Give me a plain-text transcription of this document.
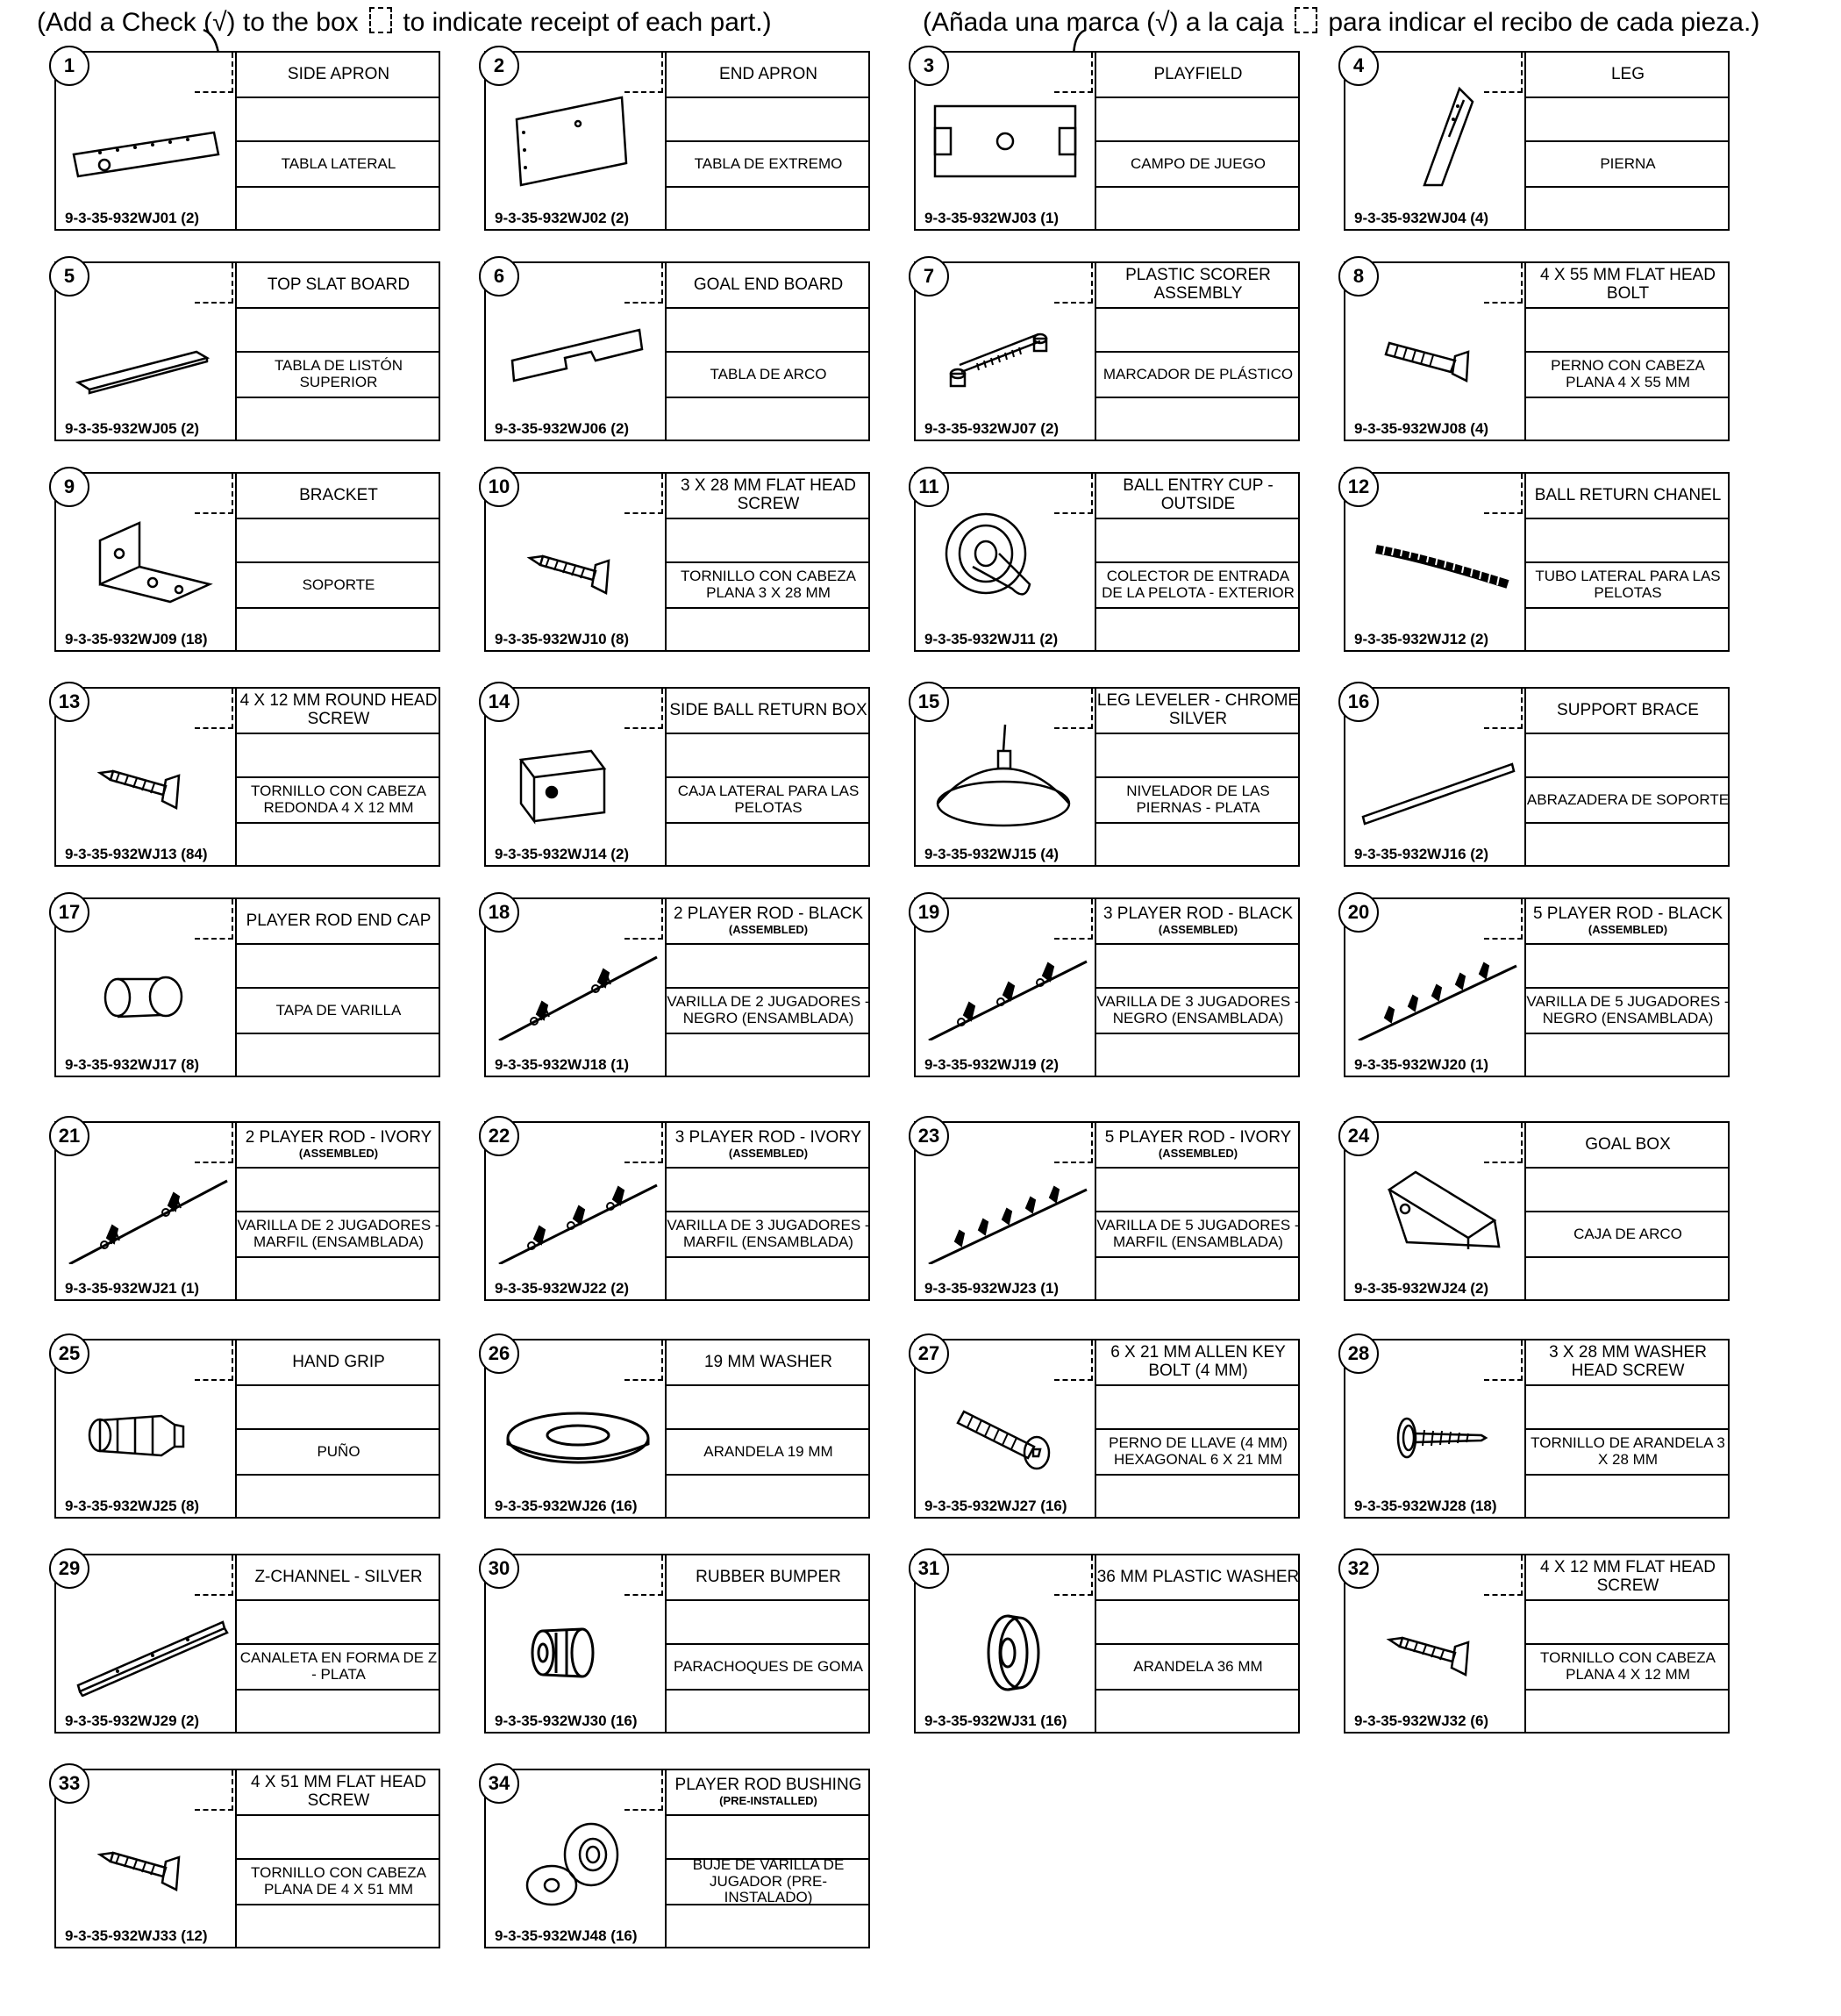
(Add a Check (√) to the box to indicate receipt of each part.)	(Añada una marca (√) a la caja para indicar el recibo de cada pieza.)
1
9-3-35-932WJ01 (2)
SIDE APRON
TABLA LATERAL
2
9-3-35-932WJ02 (2)
END APRON
TABLA DE EXTREMO
3
9-3-35-932WJ03 (1)
PLAYFIELD
CAMPO DE JUEGO
4
9-3-35-932WJ04 (4)
LEG
PIERNA
5
9-3-35-932WJ05 (2)
TOP SLAT BOARD
TABLA DE LISTÓN SUPERIOR
6
9-3-35-932WJ06 (2)
GOAL END BOARD
TABLA DE ARCO
7
9-3-35-932WJ07 (2)
PLASTIC SCORER ASSEMBLY
MARCADOR DE PLÁSTICO
8
9-3-35-932WJ08 (4)
4 X 55 MM FLAT HEAD BOLT
PERNO CON CABEZA PLANA 4 X 55 MM
9
9-3-35-932WJ09 (18)
BRACKET
SOPORTE
10
9-3-35-932WJ10 (8)
3 X 28 MM FLAT HEAD SCREW
TORNILLO CON CABEZA PLANA 3 X 28 MM
11
9-3-35-932WJ11 (2)
BALL ENTRY CUP - OUTSIDE
COLECTOR DE ENTRADA DE LA PELOTA - EXTERIOR
12
9-3-35-932WJ12 (2)
BALL RETURN CHANEL
TUBO LATERAL PARA LAS PELOTAS
13
9-3-35-932WJ13 (84)
4 X 12 MM ROUND HEAD SCREW
TORNILLO CON CABEZA REDONDA 4 X 12 MM
14
9-3-35-932WJ14 (2)
SIDE BALL RETURN BOX
CAJA LATERAL PARA LAS PELOTAS
15
9-3-35-932WJ15 (4)
LEG LEVELER - CHROME SILVER
NIVELADOR DE LAS PIERNAS - PLATA
16
9-3-35-932WJ16 (2)
SUPPORT BRACE
ABRAZADERA DE SOPORTE
17
9-3-35-932WJ17 (8)
PLAYER ROD END CAP
TAPA DE VARILLA
18
9-3-35-932WJ18 (1)
2 PLAYER ROD - BLACK
(ASSEMBLED)
VARILLA DE 2 JUGADORES - NEGRO (ENSAMBLADA)
19
9-3-35-932WJ19 (2)
3 PLAYER ROD - BLACK
(ASSEMBLED)
VARILLA DE 3 JUGADORES - NEGRO (ENSAMBLADA)
20
9-3-35-932WJ20 (1)
5 PLAYER ROD - BLACK
(ASSEMBLED)
VARILLA DE 5 JUGADORES - NEGRO (ENSAMBLADA)
21
9-3-35-932WJ21 (1)
2 PLAYER ROD - IVORY
(ASSEMBLED)
VARILLA DE 2 JUGADORES - MARFIL (ENSAMBLADA)
22
9-3-35-932WJ22 (2)
3 PLAYER ROD - IVORY
(ASSEMBLED)
VARILLA DE 3 JUGADORES - MARFIL (ENSAMBLADA)
23
9-3-35-932WJ23 (1)
5 PLAYER ROD - IVORY
(ASSEMBLED)
VARILLA DE 5 JUGADORES - MARFIL (ENSAMBLADA)
24
9-3-35-932WJ24 (2)
GOAL BOX
CAJA DE ARCO
25
9-3-35-932WJ25 (8)
HAND GRIP
PUÑO
26
9-3-35-932WJ26 (16)
19 MM WASHER
ARANDELA 19 MM
27
9-3-35-932WJ27 (16)
6 X 21 MM ALLEN KEY BOLT (4 MM)
PERNO DE LLAVE (4 MM) HEXAGONAL 6 X 21 MM
28
9-3-35-932WJ28 (18)
3 X 28 MM WASHER HEAD SCREW
TORNILLO DE ARANDELA 3 X 28 MM
29
9-3-35-932WJ29 (2)
Z-CHANNEL - SILVER
CANALETA EN FORMA DE Z - PLATA
30
9-3-35-932WJ30 (16)
RUBBER BUMPER
PARACHOQUES DE GOMA
31
9-3-35-932WJ31 (16)
36 MM PLASTIC WASHER
ARANDELA 36 MM
32
9-3-35-932WJ32 (6)
4 X 12 MM FLAT HEAD SCREW
TORNILLO CON CABEZA PLANA 4 X 12 MM
33
9-3-35-932WJ33 (12)
4 X 51 MM FLAT HEAD SCREW
TORNILLO CON CABEZA PLANA DE 4 X 51 MM
34
9-3-35-932WJ48 (16)
PLAYER ROD BUSHING
(PRE-INSTALLED)
BUJE DE VARILLA DE JUGADOR (PRE-INSTALADO)
